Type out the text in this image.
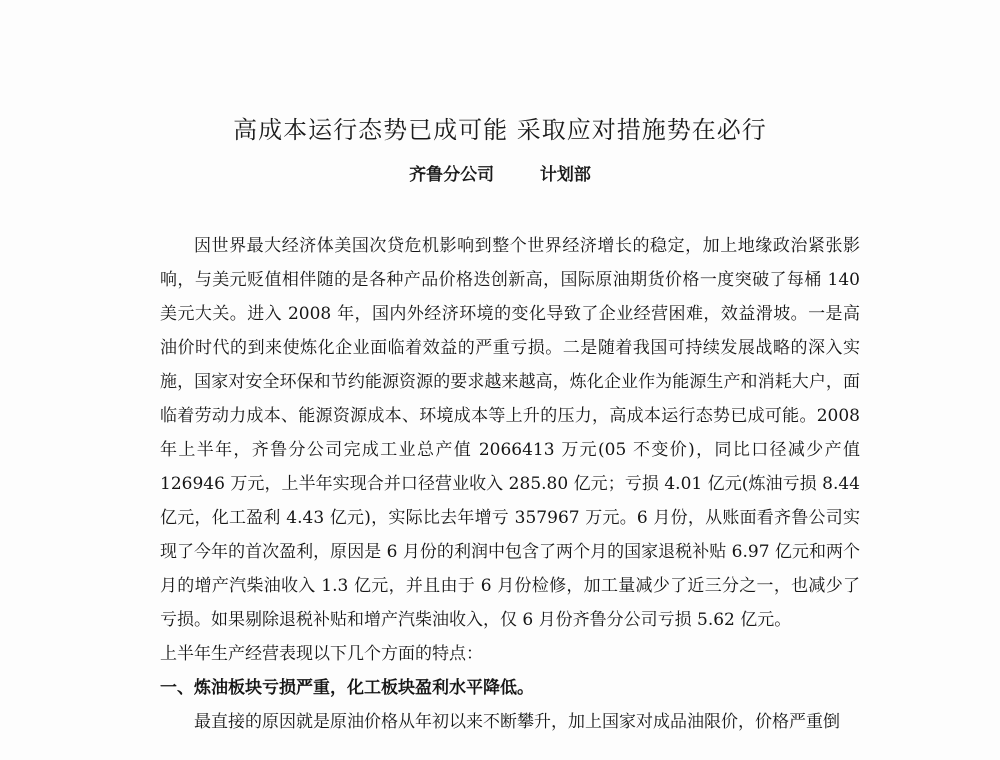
高成本运行态势已成可能 采取应对措施势在必行
齐鲁分公司	计划部

因世界最大经济体美国次贷危机影响到整个世界经济增长的稳定，加上地缘政治紧张影响，与美元贬值相伴随的是各种产品价格迭创新高，国际原油期货价格一度突破了每桶 140 美元大关。进入 2008 年，国内外经济环境的变化导致了企业经营困难，效益滑坡。一是高油价时代的到来使炼化企业面临着效益的严重亏损。二是随着我国可持续发展战略的深入实施，国家对安全环保和节约能源资源的要求越来越高，炼化企业作为能源生产和消耗大户，面临着劳动力成本、能源资源成本、环境成本等上升的压力，高成本运行态势已成可能。2008 年上半年，齐鲁分公司完成工业总产值 2066413 万元(05 不变价)，同比口径减少产值 126946 万元，上半年实现合并口径营业收入 285.80 亿元；亏损 4.01 亿元(炼油亏损 8.44 亿元，化工盈利 4.43 亿元)，实际比去年增亏 357967 万元。6 月份，从账面看齐鲁公司实现了今年的首次盈利，原因是 6 月份的利润中包含了两个月的国家退税补贴 6.97 亿元和两个月的增产汽柴油收入 1.3 亿元，并且由于 6 月份检修，加工量减少了近三分之一，也减少了亏损。如果剔除退税补贴和增产汽柴油收入，仅 6 月份齐鲁分公司亏损 5.62 亿元。

上半年生产经营表现以下几个方面的特点：

一、炼油板块亏损严重，化工板块盈利水平降低。

最直接的原因就是原油价格从年初以来不断攀升，加上国家对成品油限价，价格严重倒
